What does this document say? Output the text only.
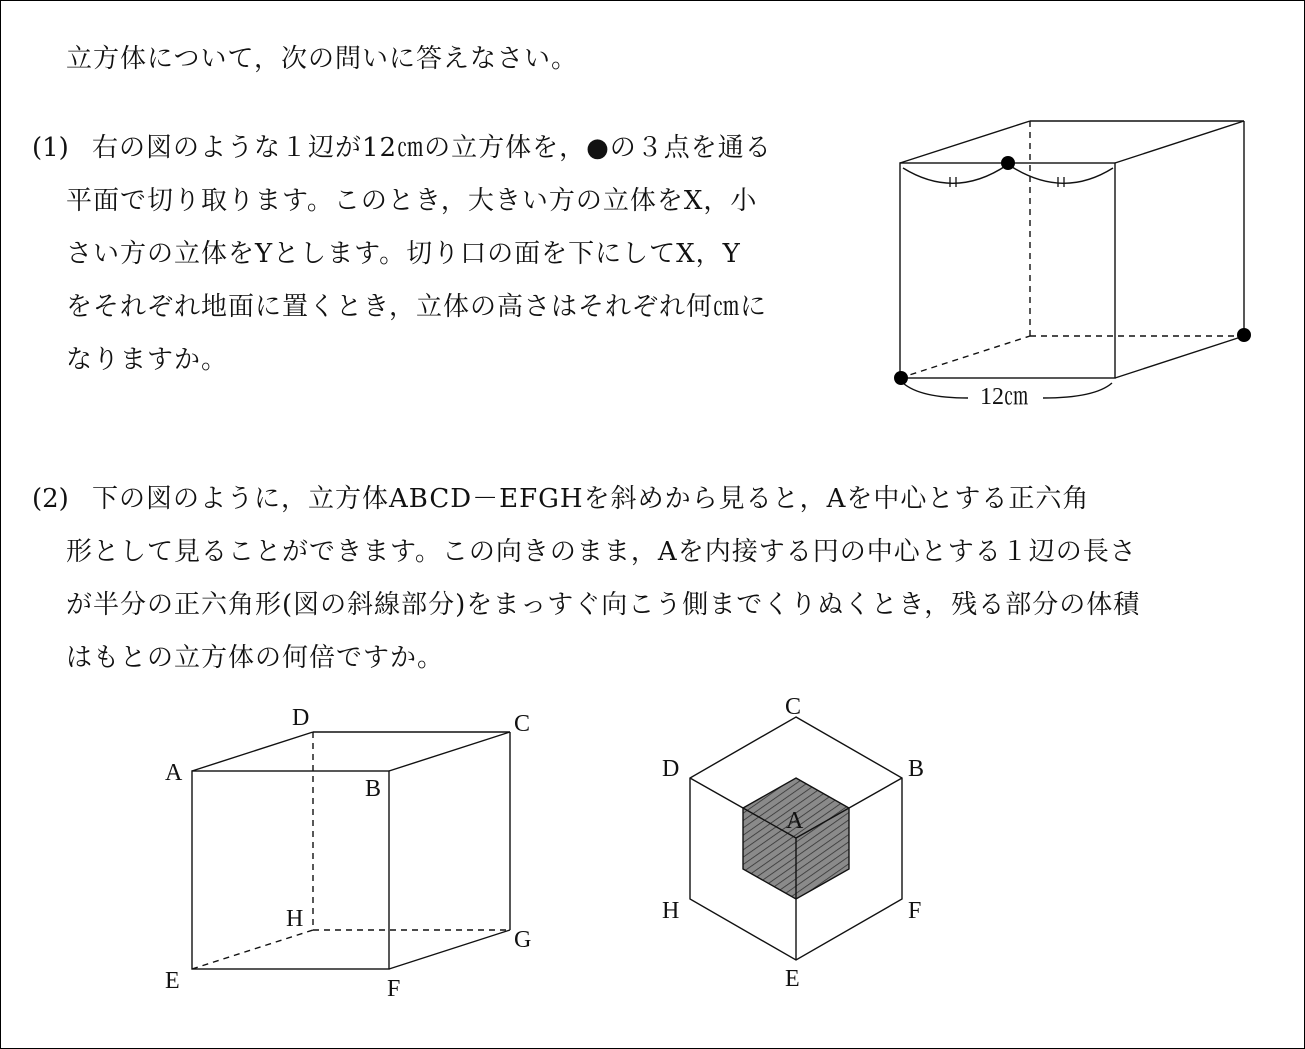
立方体について，次の問いに答えなさい。
(1) 右の図のような１辺が12㎝の立方体を，●の３点を通る
平面で切り取ります。このとき，大きい方の立体をX，小
さい方の立体をYとします。切り口の面を下にしてX，Y
をそれぞれ地面に置くとき，立体の高さはそれぞれ何㎝に
なりますか。
(2) 下の図のように，立方体ABCD－EFGHを斜めから見ると，Aを中心とする正六角
形として見ることができます。この向きのまま，Aを内接する円の中心とする１辺の長さ
が半分の正六角形(図の斜線部分)をまっすぐ向こう側までくりぬくとき，残る部分の体積
はもとの立方体の何倍ですか。
12㎝
A
B
C
D
E	F
G
H
A
B
C
D
E
F
H
